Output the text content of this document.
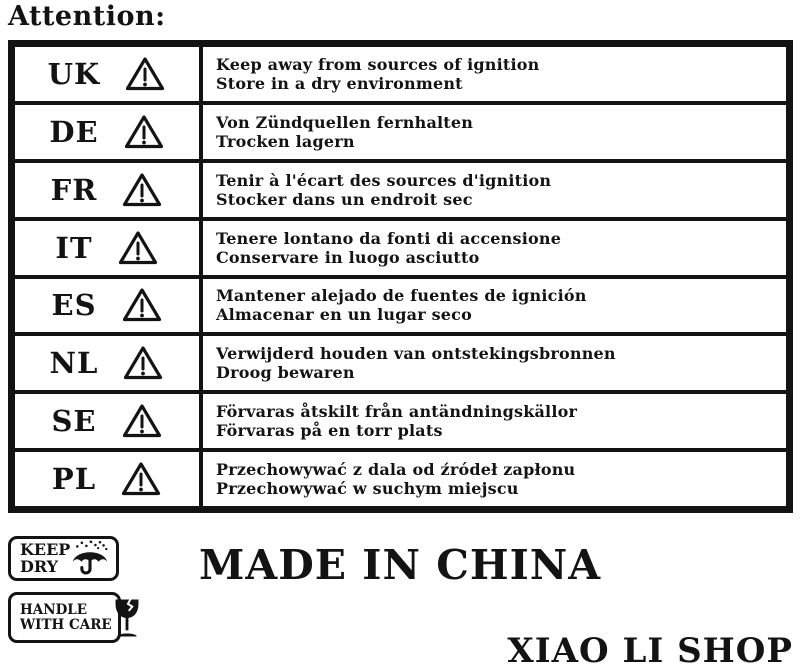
Attention:
UK	Keep away from sources of ignition
Store in a dry environment
DE	Von Zündquellen fernhalten
Trocken lagern
FR	Tenir à l'écart des sources d'ignition
Stocker dans un endroit sec
IT	Tenere lontano da fonti di accensione
Conservare in luogo asciutto
ES	Mantener alejado de fuentes de ignición
Almacenar en un lugar seco
NL	Verwijderd houden van ontstekingsbronnen
Droog bewaren
SE	Förvaras åtskilt från antändningskällor
Förvaras på en torr plats
PL	Przechowywać z dala od źródeł zapłonu
Przechowywać w suchym miejscu
KEEP
DRY
HANDLE
WITH CARE
MADE IN CHINA
XIAO LI SHOP
